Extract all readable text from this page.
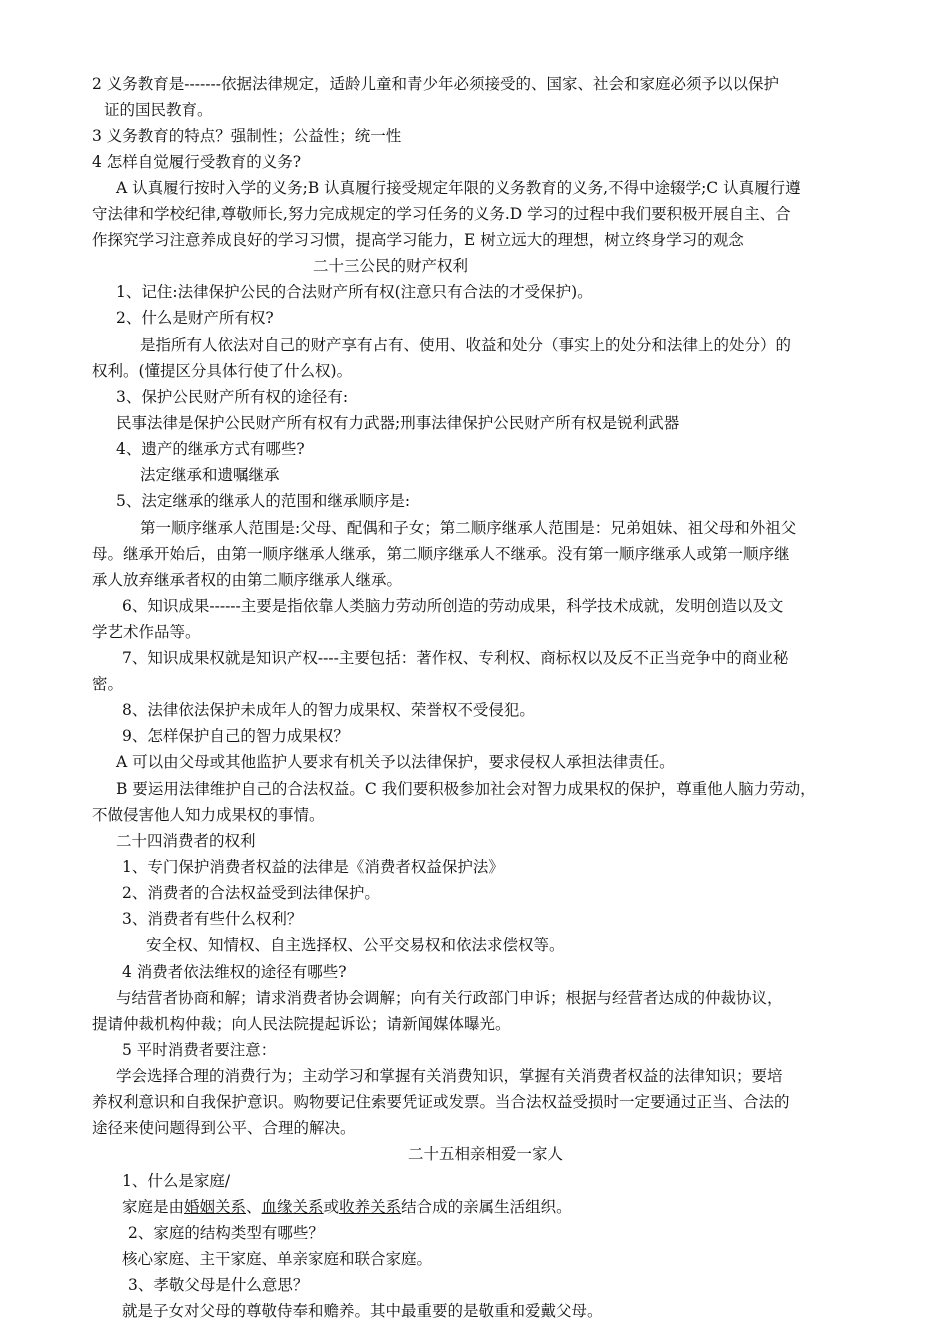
2 义务教育是-------依据法律规定，适龄儿童和青少年必须接受的、国家、社会和家庭必须予以以保护
证的国民教育。
3 义务教育的特点？强制性；公益性；统一性
4 怎样自觉履行受教育的义务?
A 认真履行按时入学的义务;B 认真履行接受规定年限的义务教育的义务,不得中途辍学;C 认真履行遵
守法律和学校纪律,尊敬师长,努力完成规定的学习任务的义务.D 学习的过程中我们要积极开展自主、合
作探究学习注意养成良好的学习习惯，提高学习能力，E 树立远大的理想，树立终身学习的观念
二十三公民的财产权利
1、记住:法律保护公民的合法财产所有权(注意只有合法的才受保护)。
2、什么是财产所有权?
是指所有人依法对自己的财产享有占有、使用、收益和处分（事实上的处分和法律上的处分）的
权利。(懂提区分具体行使了什么权)。
3、保护公民财产所有权的途径有:
民事法律是保护公民财产所有权有力武器;刑事法律保护公民财产所有权是锐利武器
4、遗产的继承方式有哪些?
法定继承和遗嘱继承
5、法定继承的继承人的范围和继承顺序是:
第一顺序继承人范围是:父母、配偶和子女；第二顺序继承人范围是：兄弟姐妹、祖父母和外祖父
母。继承开始后，由第一顺序继承人继承，第二顺序继承人不继承。没有第一顺序继承人或第一顺序继
承人放弃继承者权的由第二顺序继承人继承。
6、知识成果------主要是指依靠人类脑力劳动所创造的劳动成果，科学技术成就，发明创造以及文
学艺术作品等。
7、知识成果权就是知识产权----主要包括：著作权、专利权、商标权以及反不正当竞争中的商业秘
密。
8、法律依法保护未成年人的智力成果权、荣誉权不受侵犯。
9、怎样保护自己的智力成果权？
A 可以由父母或其他监护人要求有机关予以法律保护，要求侵权人承担法律责任。
B 要运用法律维护自己的合法权益。C 我们要积极参加社会对智力成果权的保护，尊重他人脑力劳动，
不做侵害他人知力成果权的事情。
二十四消费者的权利
1、专门保护消费者权益的法律是《消费者权益保护法》
2、消费者的合法权益受到法律保护。
3、消费者有些什么权利？
安全权、知情权、自主选择权、公平交易权和依法求偿权等。
4 消费者依法维权的途径有哪些?
与结营者协商和解；请求消费者协会调解；向有关行政部门申诉；根据与经营者达成的仲裁协议，
提请仲裁机构仲裁；向人民法院提起诉讼；请新闻媒体曝光。
5 平时消费者要注意：
学会选择合理的消费行为；主动学习和掌握有关消费知识，掌握有关消费者权益的法律知识；要培
养权利意识和自我保护意识。购物要记住索要凭证或发票。当合法权益受损时一定要通过正当、合法的
途径来使问题得到公平、合理的解决。
二十五相亲相爱一家人
1、什么是家庭/
家庭是由婚姻关系、血缘关系或收养关系结合成的亲属生活组织。
2、家庭的结构类型有哪些？
核心家庭、主干家庭、单亲家庭和联合家庭。
3、孝敬父母是什么意思？
就是子女对父母的尊敬侍奉和赡养。其中最重要的是敬重和爱戴父母。
